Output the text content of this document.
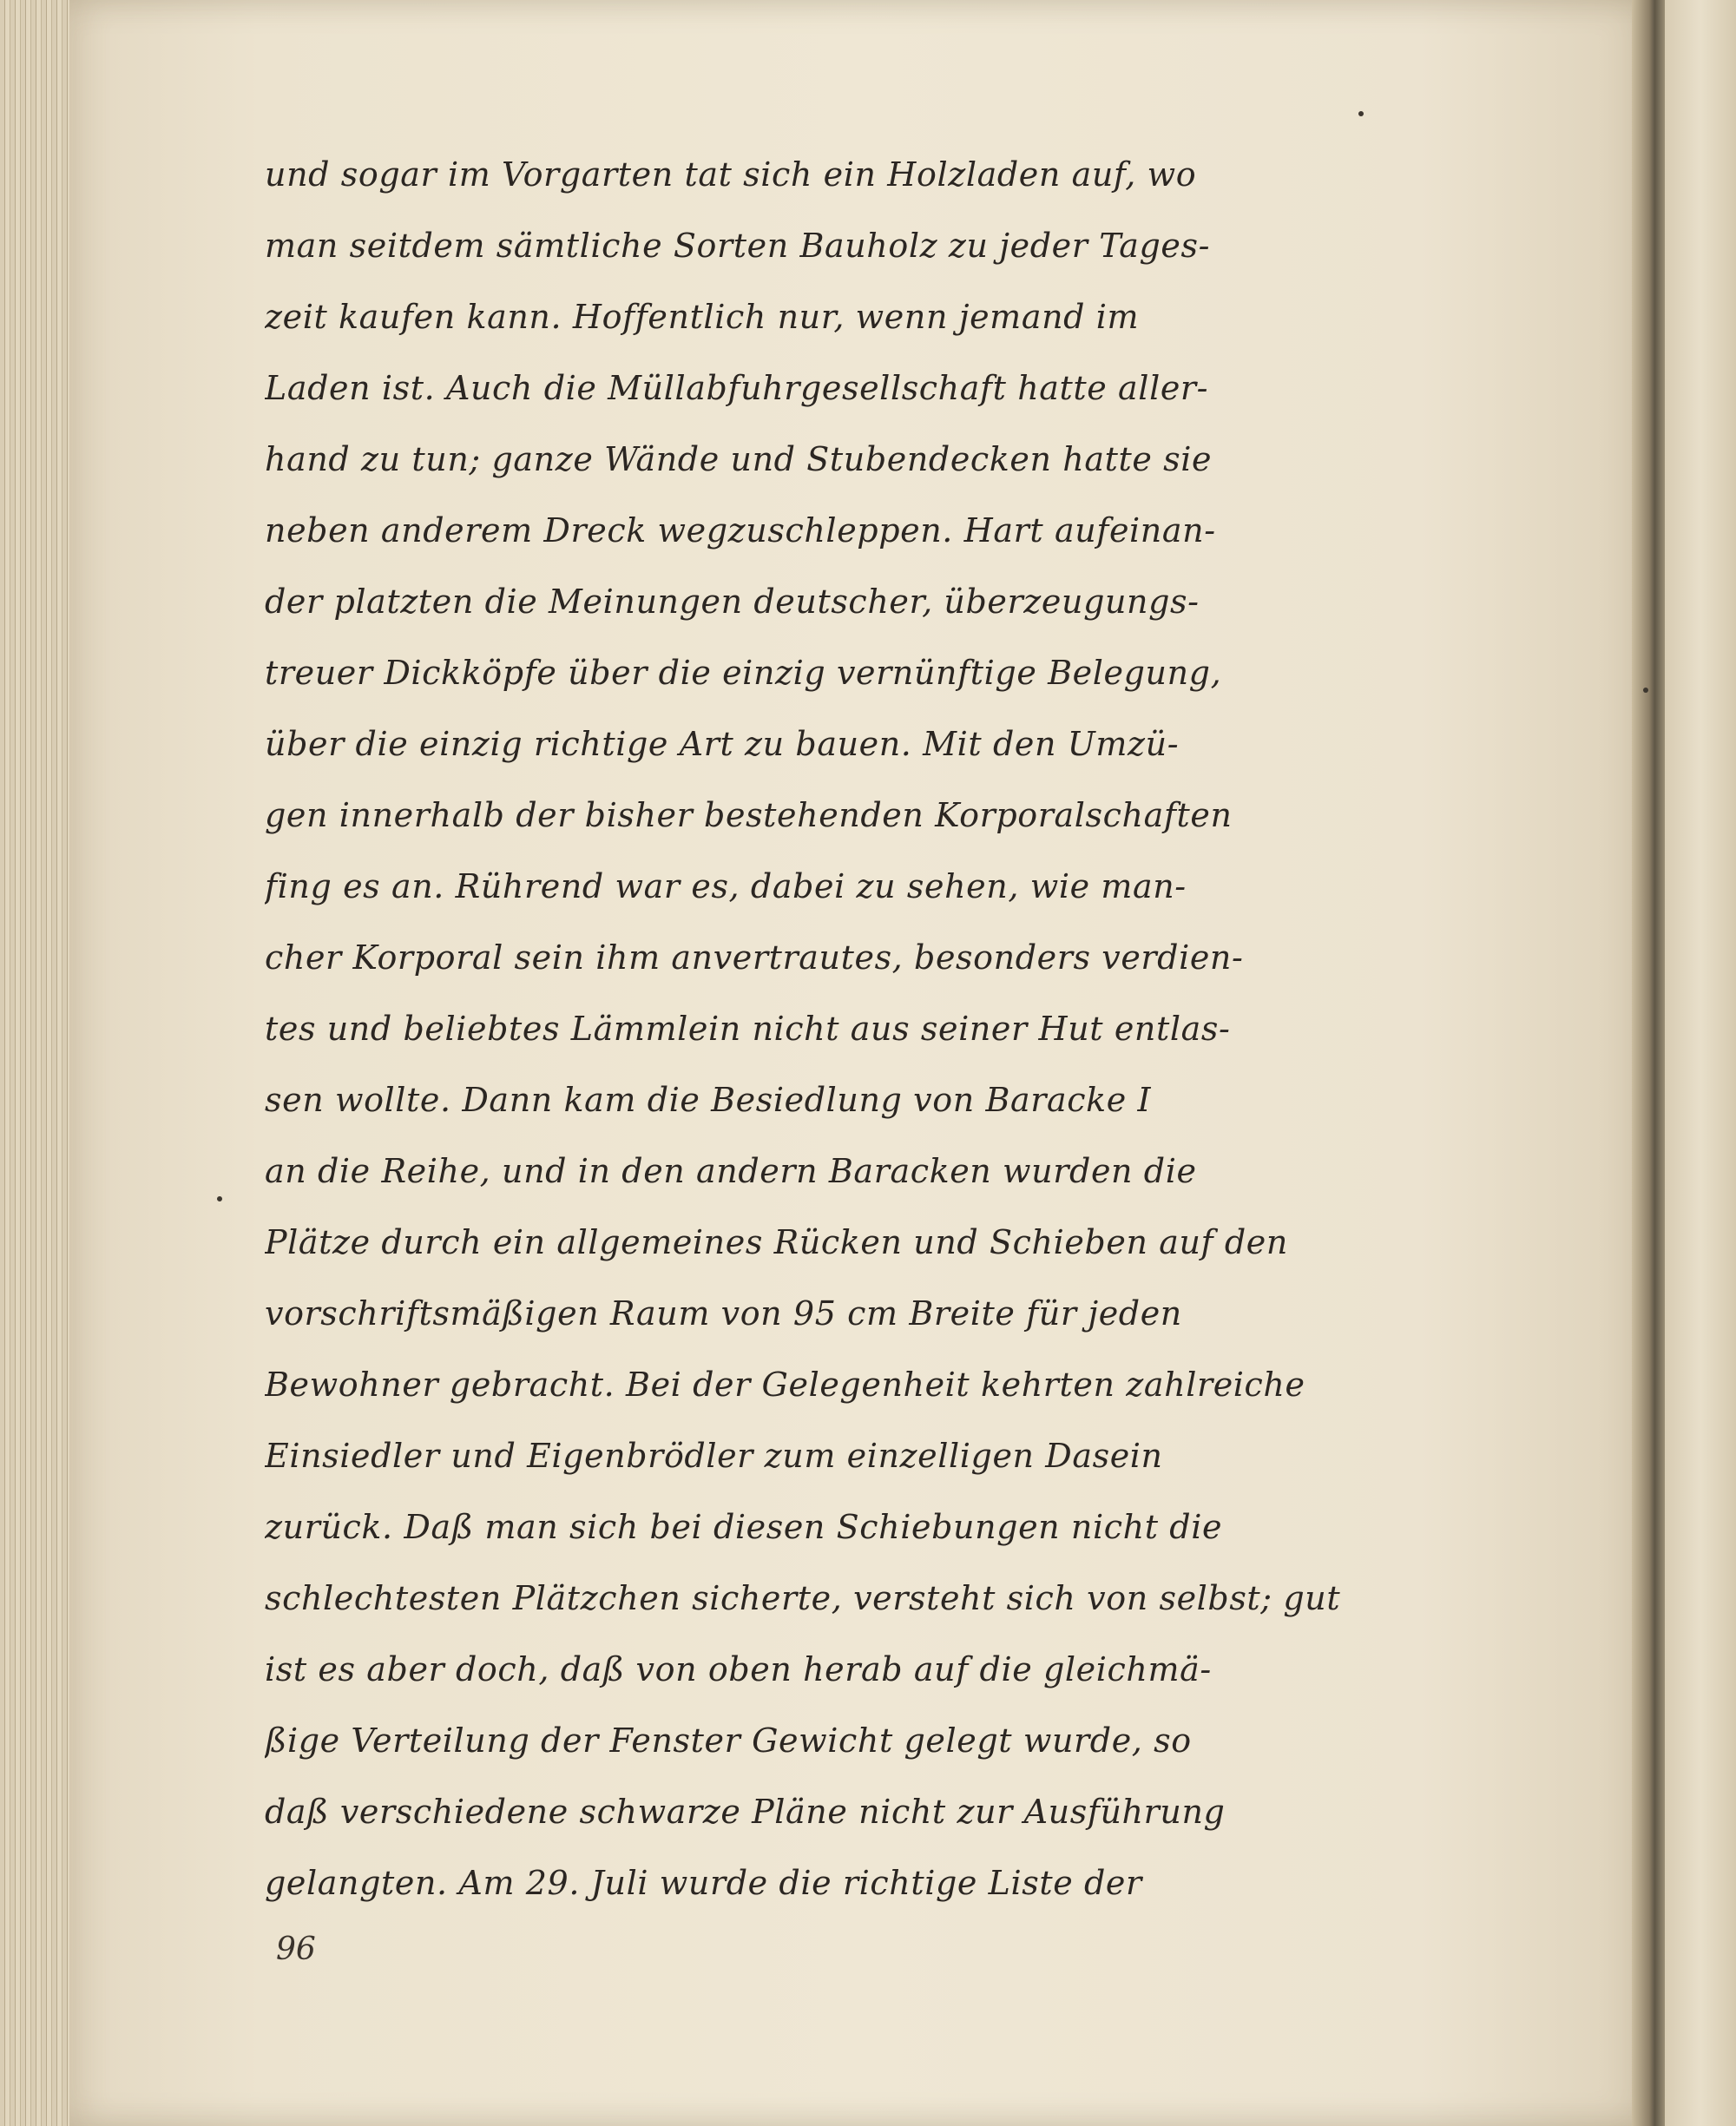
und sogar im Vorgarten tat sich ein Holzladen auf, wo
man seitdem sämtliche Sorten Bauholz zu jeder Tages-
zeit kaufen kann. Hoffentlich nur, wenn jemand im
Laden ist. Auch die Müllabfuhrgesellschaft hatte aller-
hand zu tun; ganze Wände und Stubendecken hatte sie
neben anderem Dreck wegzuschleppen. Hart aufeinan-
der platzten die Meinungen deutscher, überzeugungs-
treuer Dickköpfe über die einzig vernünftige Belegung,
über die einzig richtige Art zu bauen. Mit den Umzü-
gen innerhalb der bisher bestehenden Korporalschaften
fing es an. Rührend war es, dabei zu sehen, wie man-
cher Korporal sein ihm anvertrautes, besonders verdien-
tes und beliebtes Lämmlein nicht aus seiner Hut entlas-
sen wollte. Dann kam die Besiedlung von Baracke I
an die Reihe, und in den andern Baracken wurden die
Plätze durch ein allgemeines Rücken und Schieben auf den
vorschriftsmäßigen Raum von 95 cm Breite für jeden
Bewohner gebracht. Bei der Gelegenheit kehrten zahlreiche
Einsiedler und Eigenbrödler zum einzelligen Dasein
zurück. Daß man sich bei diesen Schiebungen nicht die
schlechtesten Plätzchen sicherte, versteht sich von selbst; gut
ist es aber doch, daß von oben herab auf die gleichmä-
ßige Verteilung der Fenster Gewicht gelegt wurde, so
daß verschiedene schwarze Pläne nicht zur Ausführung
gelangten. Am 29. Juli wurde die richtige Liste der
96
